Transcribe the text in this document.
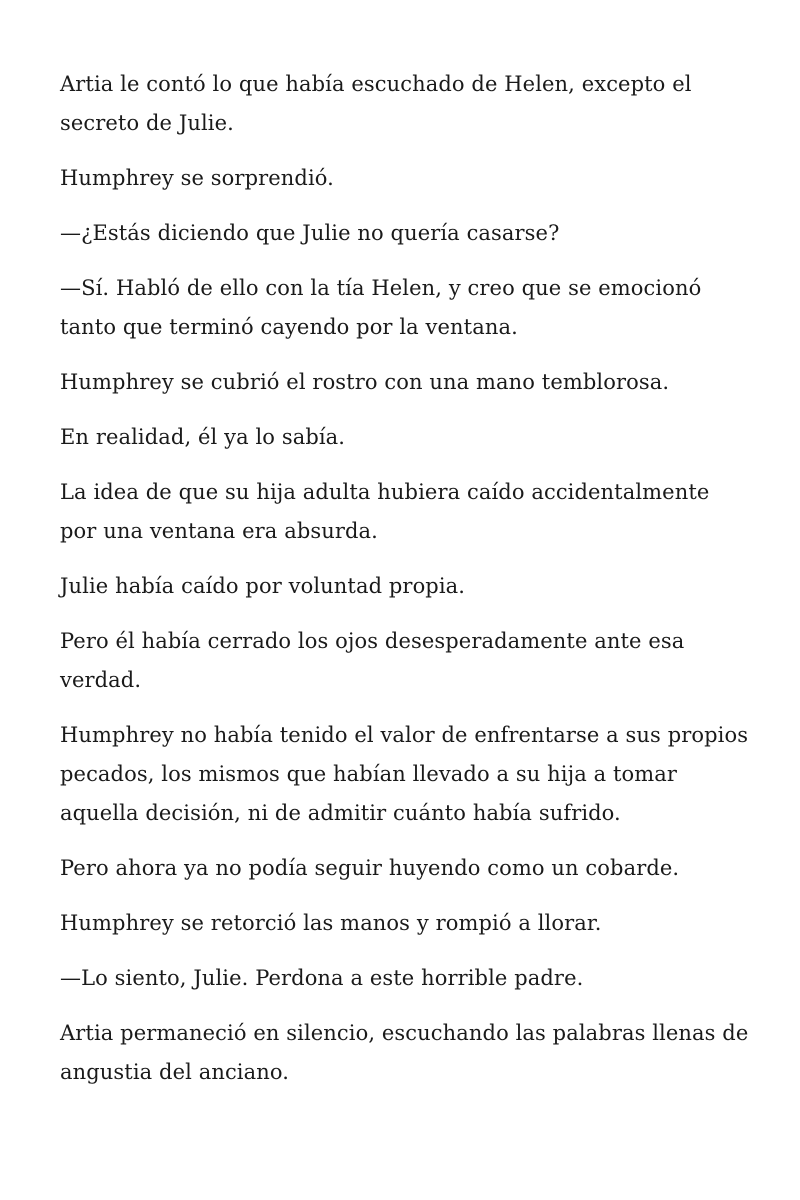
Artia le contó lo que había escuchado de Helen, excepto el secreto de Julie.

Humphrey se sorprendió.

—¿Estás diciendo que Julie no quería casarse?

—Sí. Habló de ello con la tía Helen, y creo que se emocionó tanto que terminó cayendo por la ventana.

Humphrey se cubrió el rostro con una mano temblorosa.

En realidad, él ya lo sabía.

La idea de que su hija adulta hubiera caído accidentalmente por una ventana era absurda.

Julie había caído por voluntad propia.

Pero él había cerrado los ojos desesperadamente ante esa verdad.

Humphrey no había tenido el valor de enfrentarse a sus propios pecados, los mismos que habían llevado a su hija a tomar aquella decisión, ni de admitir cuánto había sufrido.

Pero ahora ya no podía seguir huyendo como un cobarde.

Humphrey se retorció las manos y rompió a llorar.

—Lo siento, Julie. Perdona a este horrible padre.

Artia permaneció en silencio, escuchando las palabras llenas de angustia del anciano.
